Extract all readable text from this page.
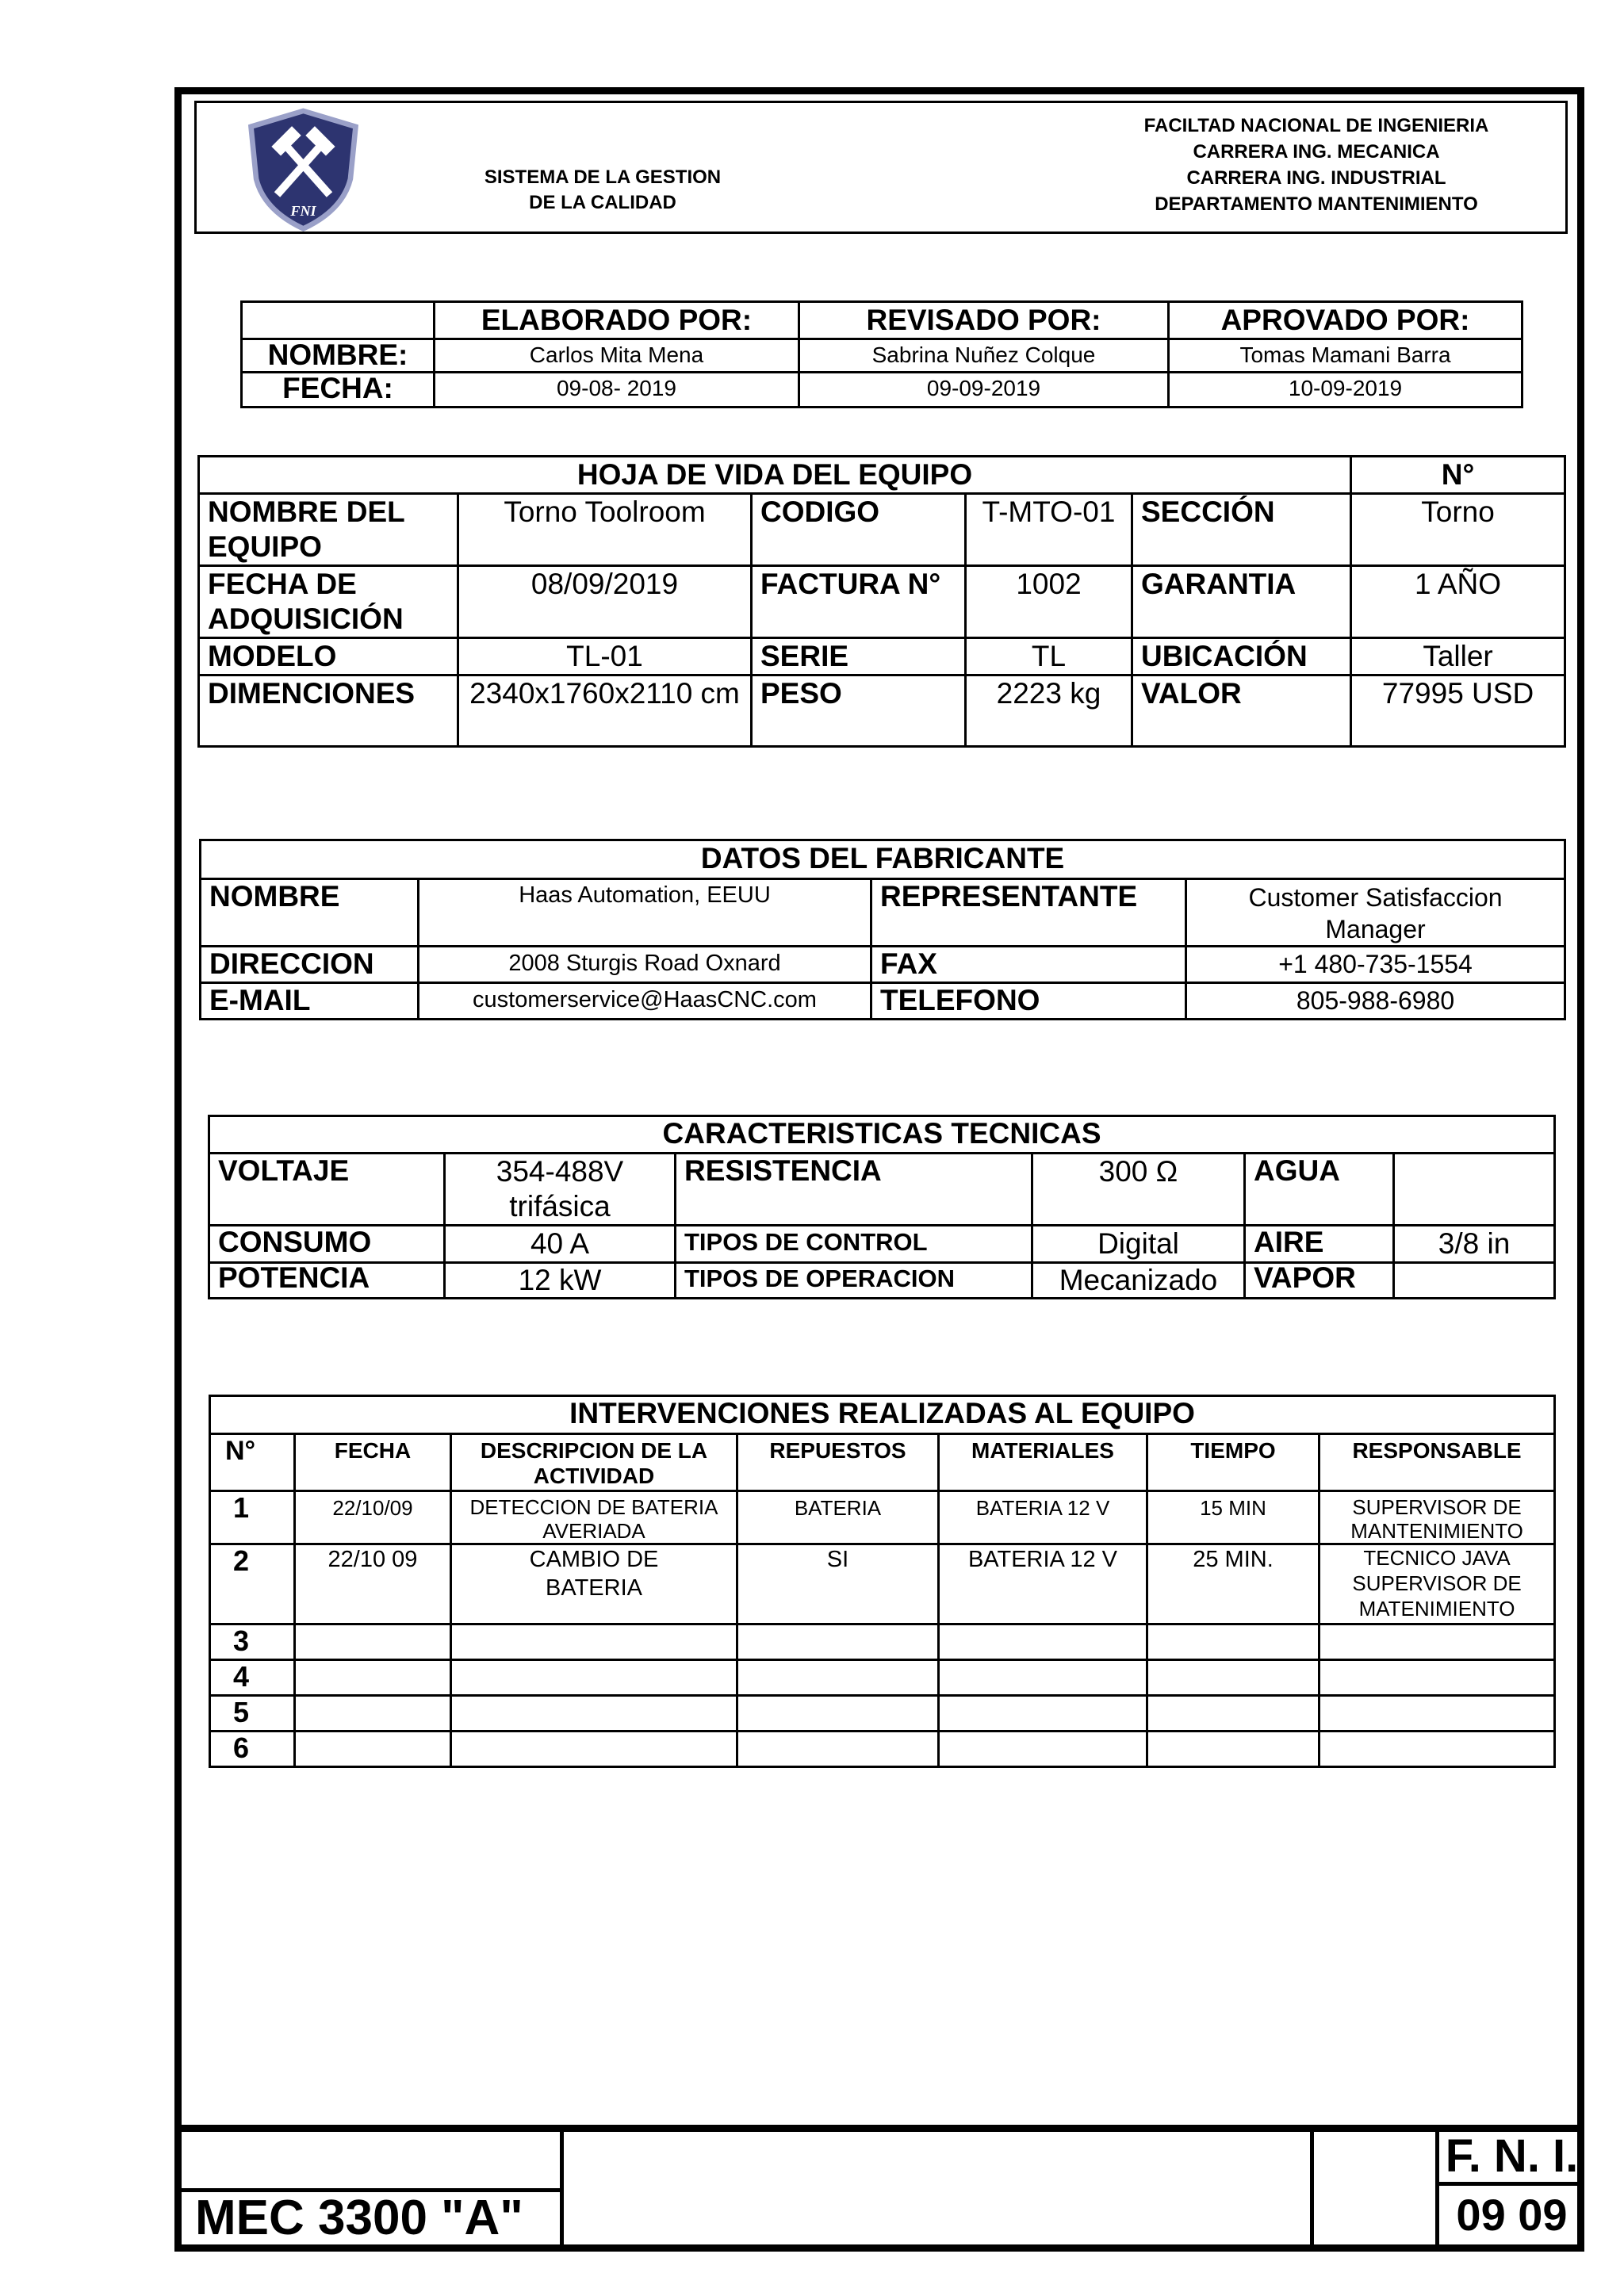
FNI
SISTEMA DE LA GESTION
DE LA CALIDAD
FACILTAD NACIONAL DE INGENIERIA
CARRERA ING. MECANICA
CARRERA ING. INDUSTRIAL
DEPARTAMENTO MANTENIMIENTO
	ELABORADO POR:	REVISADO POR:	APROVADO POR:
NOMBRE:	Carlos Mita Mena	Sabrina Nuñez Colque	Tomas Mamani Barra
FECHA:	09-08- 2019	09-09-2019	10-09-2019
HOJA DE VIDA DEL EQUIPO					N°
NOMBRE DEL EQUIPO	Torno Toolroom	CODIGO	T-MTO-01	SECCIÓN	Torno
FECHA DE ADQUISICIÓN	08/09/2019	FACTURA N°	1002	GARANTIA	1 AÑO
MODELO	TL-01	SERIE	TL	UBICACIÓN	Taller
DIMENCIONES	2340x1760x2110 cm	PESO	2223 kg	VALOR	77995 USD
DATOS DEL FABRICANTE			
NOMBRE	Haas Automation, EEUU	REPRESENTANTE	Customer Satisfaccion Manager
DIRECCION	2008 Sturgis Road Oxnard	FAX	+1 480-735-1554
E-MAIL	customerservice@HaasCNC.com	TELEFONO	805-988-6980
CARACTERISTICAS TECNICAS					
VOLTAJE	354-488V trifásica	RESISTENCIA	300 Ω	AGUA	
CONSUMO	40 A	TIPOS DE CONTROL	Digital	AIRE	3/8 in
POTENCIA	12 kW	TIPOS DE OPERACION	Mecanizado	VAPOR	
INTERVENCIONES REALIZADAS AL EQUIPO						
N°	FECHA	DESCRIPCION DE LA ACTIVIDAD	REPUESTOS	MATERIALES	TIEMPO	RESPONSABLE
1	22/10/09	DETECCION DE BATERIA AVERIADA	BATERIA	BATERIA 12 V	15 MIN	SUPERVISOR DE MANTENIMIENTO
2	22/10 09	CAMBIO DE BATERIA	SI	BATERIA 12 V	25 MIN.	TECNICO JAVA SUPERVISOR DE MATENIMIENTO
3						
4						
5						
6						
MEC 3300 "A"
F. N. I.
09 09
